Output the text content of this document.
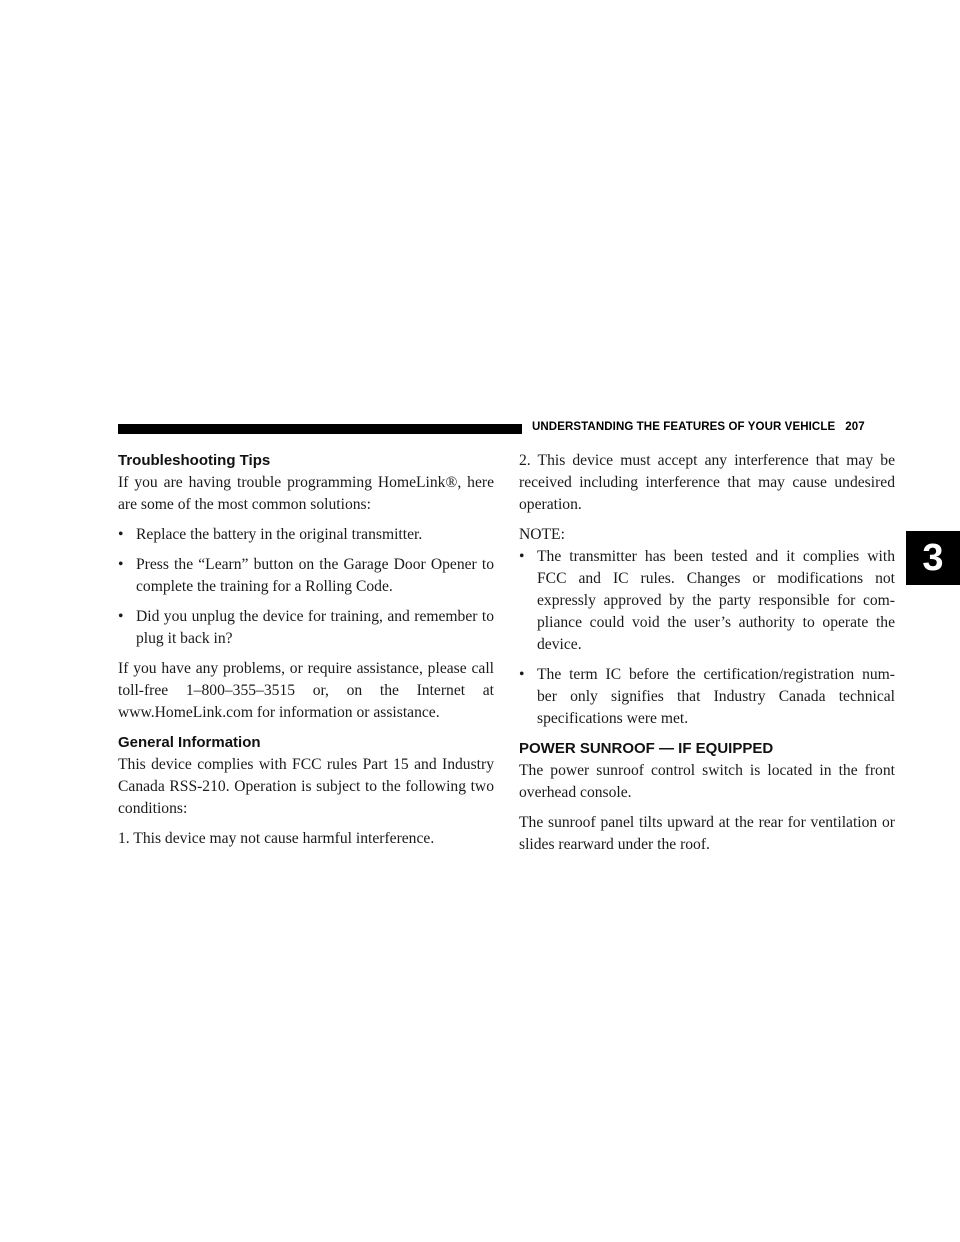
UNDERSTANDING THE FEATURES OF YOUR VEHICLE 207
3
Troubleshooting Tips

If you are having trouble programming HomeLink®, here are some of the most common solutions:

• Replace the battery in the original transmitter.
• Press the “Learn” button on the Garage Door Opener to complete the training for a Rolling Code.
• Did you unplug the device for training, and remember to plug it back in?

If you have any problems, or require assistance, please call toll-free 1–800–355–3515 or, on the Internet at www.HomeLink.com for information or assistance.

General Information

This device complies with FCC rules Part 15 and Industry Canada RSS-210. Operation is subject to the following two conditions:

1. This device may not cause harmful interference.

2. This device must accept any interference that may be received including interference that may cause undesired operation.

NOTE:

• The transmitter has been tested and it complies with FCC and IC rules. Changes or modifications not expressly approved by the party responsible for com- pliance could void the user’s authority to operate the device.
• The term IC before the certification/registration num- ber only signifies that Industry Canada technical specifications were met.
POWER SUNROOF — IF EQUIPPED

The power sunroof control switch is located in the front overhead console.

The sunroof panel tilts upward at the rear for ventilation or slides rearward under the roof.
